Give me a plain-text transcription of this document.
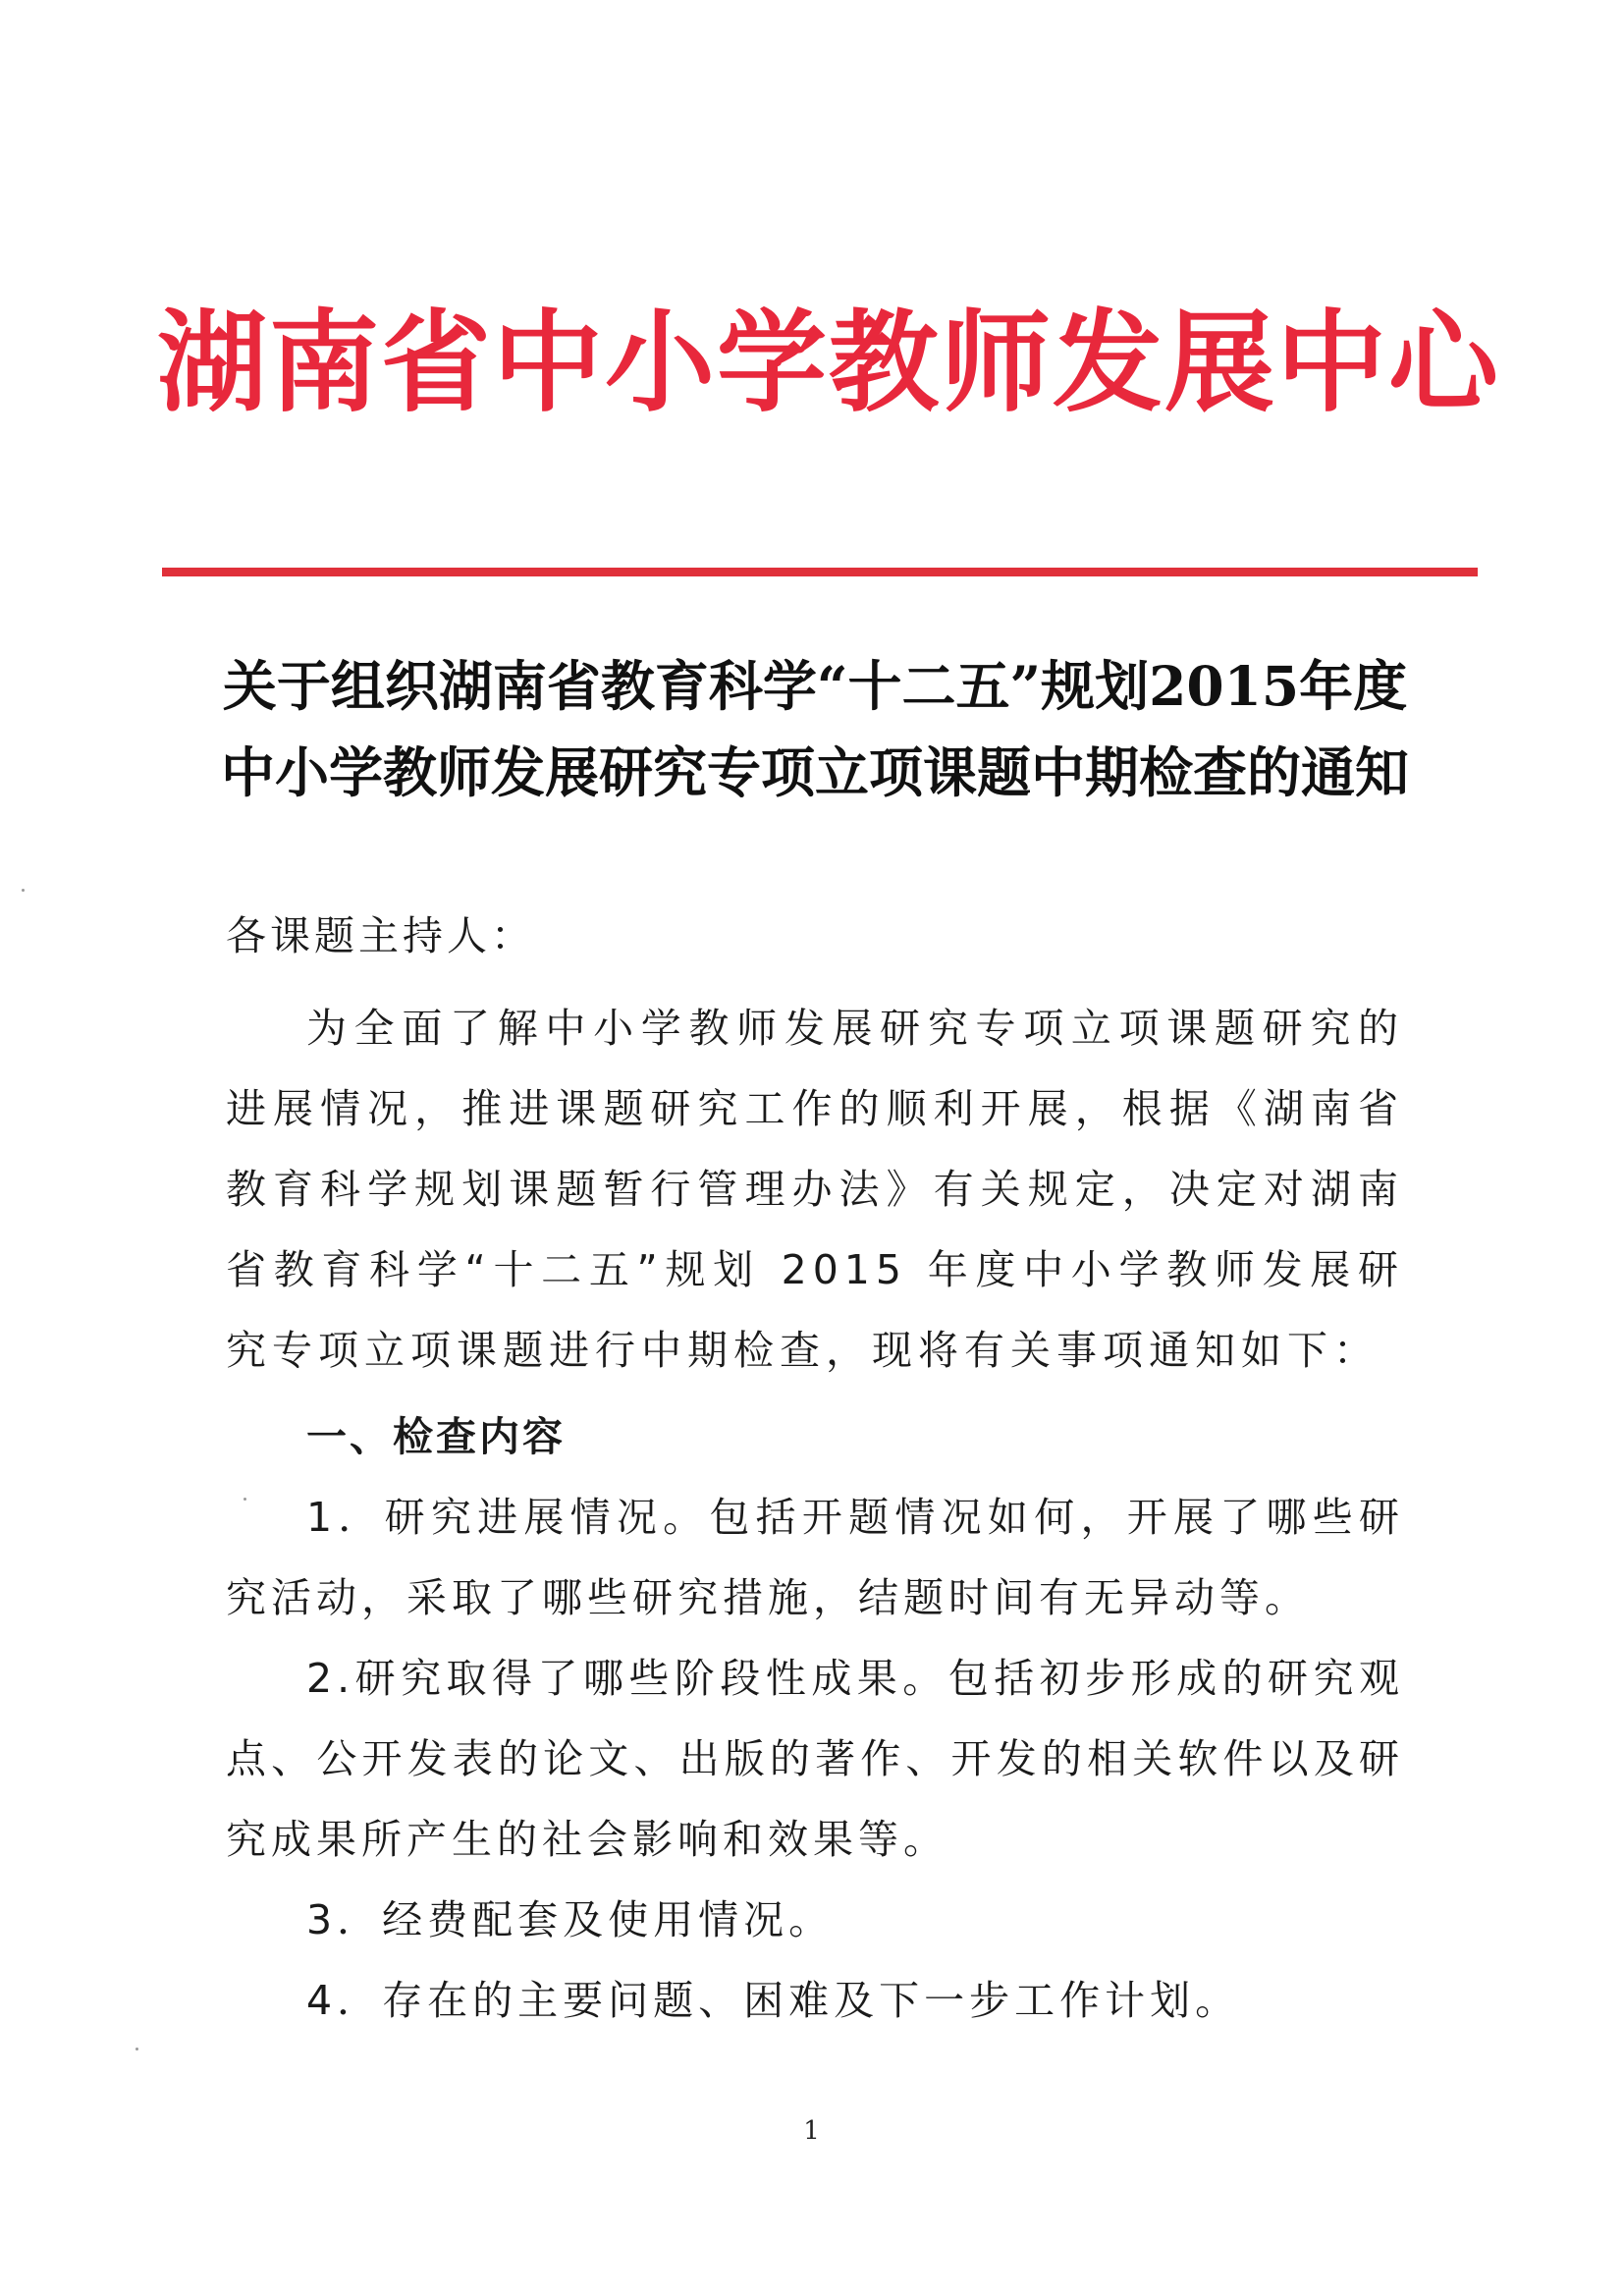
湖南省中小学教师发展中心
关于组织湖南省教育科学“十二五”规划2015年度
中小学教师发展研究专项立项课题中期检查的通知

各课题主持人：

为全面了解中小学教师发展研究专项立项课题研究的进展情况，推进课题研究工作的顺利开展，根据《湖南省教育科学规划课题暂行管理办法》有关规定，决定对湖南省教育科学“十二五”规划 2015 年度中小学教师发展研究专项立项课题进行中期检查，现将有关事项通知如下：

一、检查内容

1．研究进展情况。包括开题情况如何，开展了哪些研究活动，采取了哪些研究措施，结题时间有无异动等。

2.研究取得了哪些阶段性成果。包括初步形成的研究观点、公开发表的论文、出版的著作、开发的相关软件以及研究成果所产生的社会影响和效果等。

3．经费配套及使用情况。

4．存在的主要问题、困难及下一步工作计划。

1
